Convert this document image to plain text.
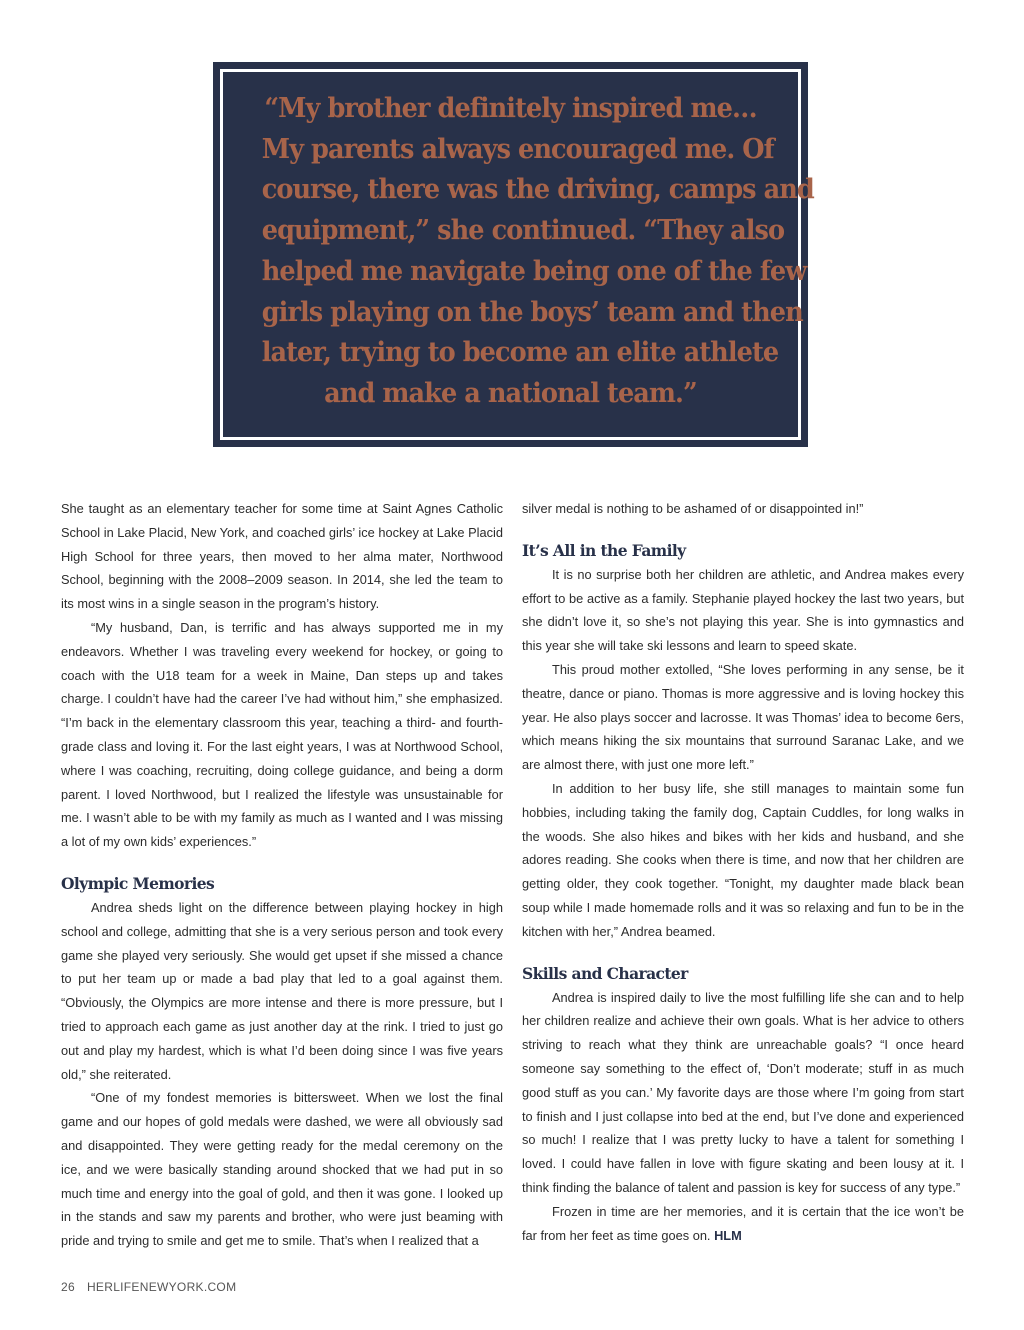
“My brother definitely inspired me…
My parents always encouraged me. Of
course, there was the driving, camps and
equipment,” she continued. “They also
helped me navigate being one of the few
girls playing on the boys’ team and then
later, trying to become an elite athlete
and make a national team.”

She taught as an elementary teacher for some time at Saint Agnes Catholic School in Lake Placid, New York, and coached girls’ ice hockey at Lake Placid High School for three years, then moved to her alma mater, Northwood School, beginning with the 2008–2009 season. In 2014, she led the team to its most wins in a single season in the program’s history.

“My husband, Dan, is terrific and has always supported me in my endeavors. Whether I was traveling every weekend for hockey, or going to coach with the U18 team for a week in Maine, Dan steps up and takes charge. I couldn’t have had the career I’ve had without him,” she emphasized. “I’m back in the elementary classroom this year, teaching a third- and fourth-grade class and loving it. For the last eight years, I was at Northwood School, where I was coaching, recruiting, doing college guidance, and being a dorm parent. I loved Northwood, but I realized the lifestyle was unsustainable for me. I wasn’t able to be with my family as much as I wanted and I was missing a lot of my own kids’ experiences.”

Olympic Memories

Andrea sheds light on the difference between playing hockey in high school and college, admitting that she is a very serious person and took every game she played very seriously. She would get upset if she missed a chance to put her team up or made a bad play that led to a goal against them. “Obviously, the Olympics are more intense and there is more pressure, but I tried to approach each game as just another day at the rink. I tried to just go out and play my hardest, which is what I’d been doing since I was five years old,” she reiterated.

“One of my fondest memories is bittersweet. When we lost the final game and our hopes of gold medals were dashed, we were all obviously sad and disappointed. They were getting ready for the medal ceremony on the ice, and we were basically standing around shocked that we had put in so much time and energy into the goal of gold, and then it was gone. I looked up in the stands and saw my parents and brother, who were just beaming with pride and trying to smile and get me to smile. That’s when I realized that a

silver medal is nothing to be ashamed of or disappointed in!”

It’s All in the Family

It is no surprise both her children are athletic, and Andrea makes every effort to be active as a family. Stephanie played hockey the last two years, but she didn’t love it, so she’s not playing this year. She is into gymnastics and this year she will take ski lessons and learn to speed skate.

This proud mother extolled, “She loves performing in any sense, be it theatre, dance or piano. Thomas is more aggressive and is loving hockey this year. He also plays soccer and lacrosse. It was Thomas’ idea to become 6ers, which means hiking the six mountains that surround Saranac Lake, and we are almost there, with just one more left.”

In addition to her busy life, she still manages to maintain some fun hobbies, including taking the family dog, Captain Cuddles, for long walks in the woods. She also hikes and bikes with her kids and husband, and she adores reading. She cooks when there is time, and now that her children are getting older, they cook together. “Tonight, my daughter made black bean soup while I made homemade rolls and it was so relaxing and fun to be in the kitchen with her,” Andrea beamed.

Skills and Character

Andrea is inspired daily to live the most fulfilling life she can and to help her children realize and achieve their own goals. What is her advice to others striving to reach what they think are unreachable goals? “I once heard someone say something to the effect of, ‘Don’t moderate; stuff in as much good stuff as you can.’ My favorite days are those where I’m going from start to finish and I just collapse into bed at the end, but I’ve done and experienced so much! I realize that I was pretty lucky to have a talent for something I loved. I could have fallen in love with figure skating and been lousy at it. I think finding the balance of talent and passion is key for success of any type.”

Frozen in time are her memories, and it is certain that the ice won’t be far from her feet as time goes on. HLM

26 HERLIFENEWYORK.COM
